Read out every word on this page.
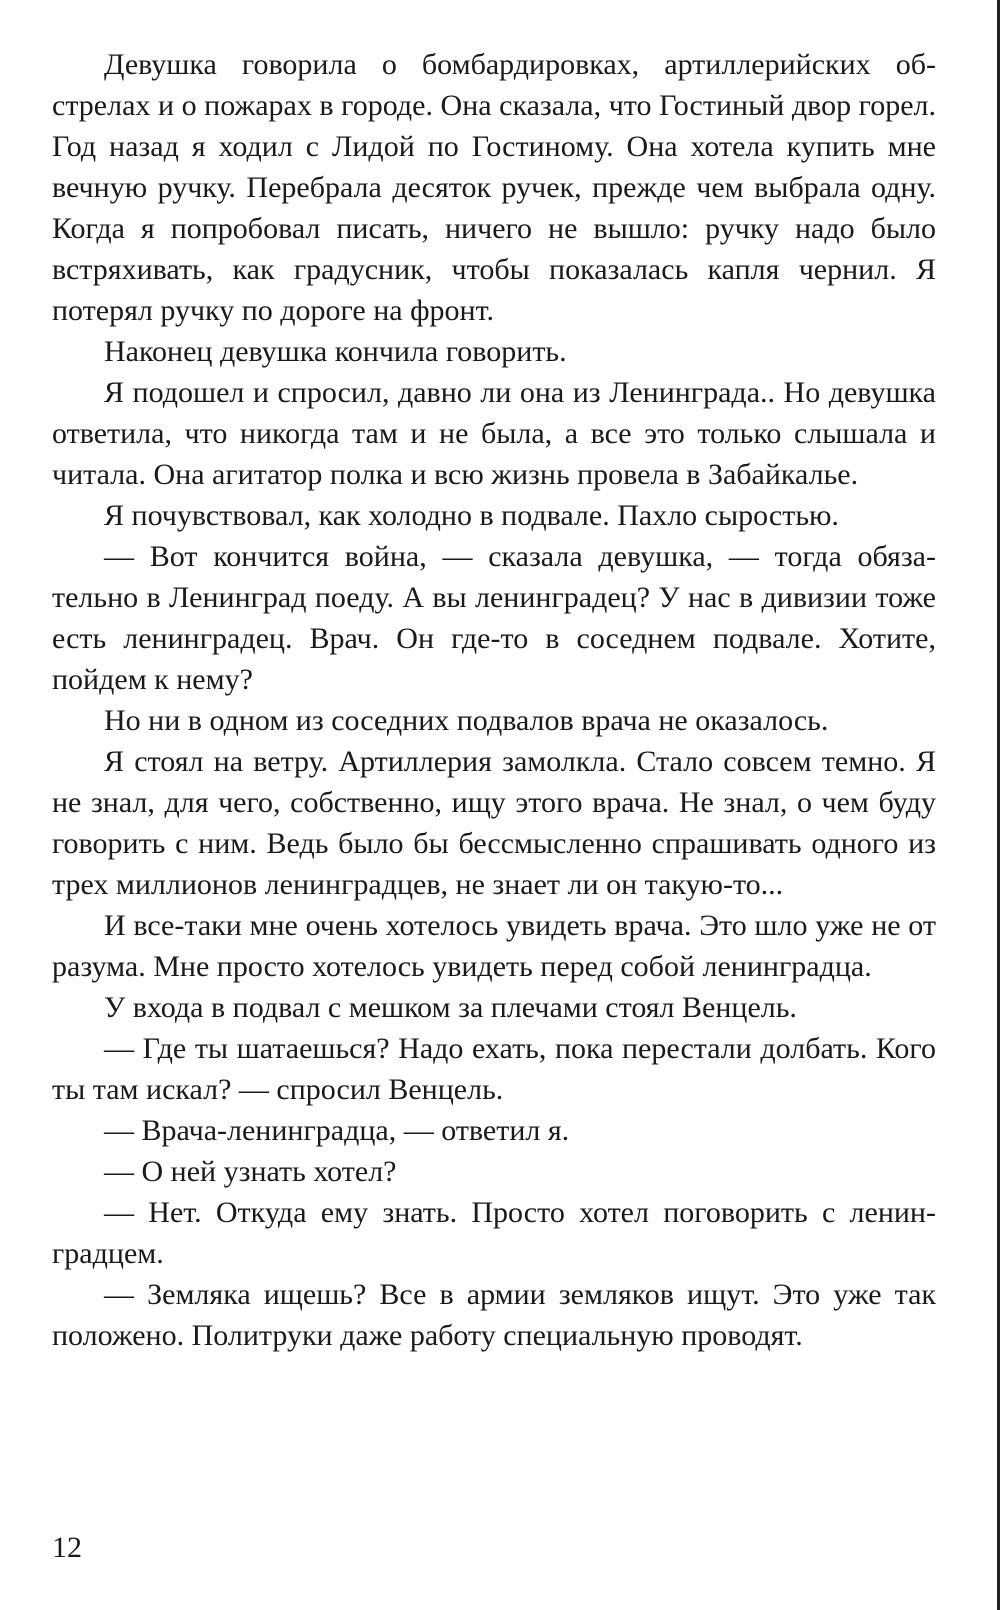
Девушка говорила о бомбардировках, артиллерийских обстрелах и о пожарах в городе. Она сказала, что Гостиный двор горел. Год назад я ходил с Лидой по Гостиному. Она хотела купить мне вечную ручку. Перебрала десяток ручек, прежде чем выбрала одну. Когда я попробовал писать, ничего не вышло: ручку надо было встряхивать, как градусник, чтобы показалась капля чернил. Я потерял ручку по дороге на фронт.

Наконец девушка кончила говорить.

Я подошел и спросил, давно ли она из Ленинграда.. Но девушка ответила, что никогда там и не была, а все это только слышала и читала. Она агитатор полка и всю жизнь провела в Забайкалье.

Я почувствовал, как холодно в подвале. Пахло сыростью.

— Вот кончится война, — сказала девушка, — тогда обязательно в Ленинград поеду. А вы ленинградец? У нас в дивизии тоже есть ленинградец. Врач. Он где-то в соседнем подвале. Хотите, пойдем к нему?

Но ни в одном из соседних подвалов врача не оказалось.

Я стоял на ветру. Артиллерия замолкла. Стало совсем темно. Я не знал, для чего, собственно, ищу этого врача. Не знал, о чем буду говорить с ним. Ведь было бы бессмысленно спрашивать одного из трех миллионов ленинградцев, не знает ли он такую-то...

И все-таки мне очень хотелось увидеть врача. Это шло уже не от разума. Мне просто хотелось увидеть перед собой ленинградца.

У входа в подвал с мешком за плечами стоял Венцель.

— Где ты шатаешься? Надо ехать, пока перестали долбать. Кого ты там искал? — спросил Венцель.

— Врача-ленинградца, — ответил я.

— О ней узнать хотел?

— Нет. Откуда ему знать. Просто хотел поговорить с ленинградцем.

— Земляка ищешь? Все в армии земляков ищут. Это уже так положено. Политруки даже работу специальную проводят.

12
